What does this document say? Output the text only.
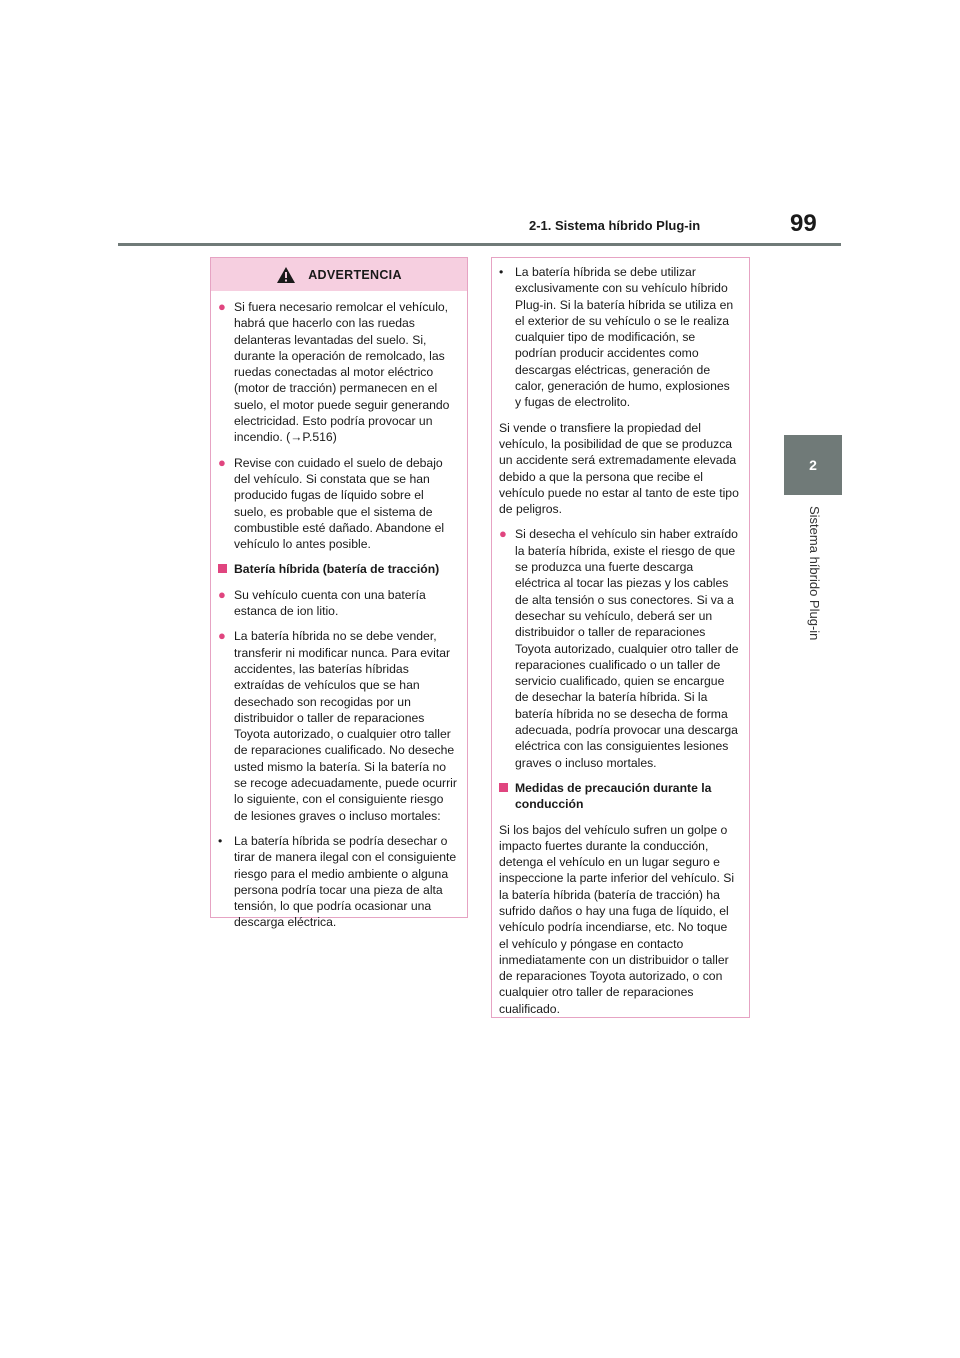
2-1. Sistema híbrido Plug-in	99
2
Sistema híbrido Plug-in
ADVERTENCIA
● Si fuera necesario remolcar el vehículo, habrá que hacerlo con las ruedas delanteras levantadas del suelo. Si, durante la operación de remolcado, las ruedas conectadas al motor eléctrico (motor de tracción) permanecen en el suelo, el motor puede seguir generando electricidad. Esto podría provocar un incendio. (→P.516)
● Revise con cuidado el suelo de debajo del vehículo. Si constata que se han producido fugas de líquido sobre el suelo, es probable que el sistema de combustible esté dañado. Abandone el vehículo lo antes posible.
Batería híbrida (batería de tracción)
● Su vehículo cuenta con una batería estanca de ion litio.
● La batería híbrida no se debe vender, transferir ni modificar nunca. Para evitar accidentes, las baterías híbridas extraídas de vehículos que se han desechado son recogidas por un distribuidor o taller de reparaciones Toyota autorizado, o cualquier otro taller de reparaciones cualificado. No deseche usted mismo la batería. Si la batería no se recoge adecuadamente, puede ocurrir lo siguiente, con el consiguiente riesgo de lesiones graves o incluso mortales:
• La batería híbrida se podría desechar o tirar de manera ilegal con el consiguiente riesgo para el medio ambiente o alguna persona podría tocar una pieza de alta tensión, lo que podría ocasionar una descarga eléctrica.
• La batería híbrida se debe utilizar exclusivamente con su vehículo híbrido Plug-in. Si la batería híbrida se utiliza en el exterior de su vehículo o se le realiza cualquier tipo de modificación, se podrían producir accidentes como descargas eléctricas, generación de calor, generación de humo, explosiones y fugas de electrolito.
Si vende o transfiere la propiedad del vehículo, la posibilidad de que se produzca un accidente será extremadamente elevada debido a que la persona que recibe el vehículo puede no estar al tanto de este tipo de peligros.
● Si desecha el vehículo sin haber extraído la batería híbrida, existe el riesgo de que se produzca una fuerte descarga eléctrica al tocar las piezas y los cables de alta tensión o sus conectores. Si va a desechar su vehículo, deberá ser un distribuidor o taller de reparaciones Toyota autorizado, cualquier otro taller de reparaciones cualificado o un taller de servicio cualificado, quien se encargue de desechar la batería híbrida. Si la batería híbrida no se desecha de forma adecuada, podría provocar una descarga eléctrica con las consiguientes lesiones graves o incluso mortales.
Medidas de precaución durante la conducción
Si los bajos del vehículo sufren un golpe o impacto fuertes durante la conducción, detenga el vehículo en un lugar seguro e inspeccione la parte inferior del vehículo. Si la batería híbrida (batería de tracción) ha sufrido daños o hay una fuga de líquido, el vehículo podría incendiarse, etc. No toque el vehículo y póngase en contacto inmediatamente con un distribuidor o taller de reparaciones Toyota autorizado, o con cualquier otro taller de reparaciones cualificado.
